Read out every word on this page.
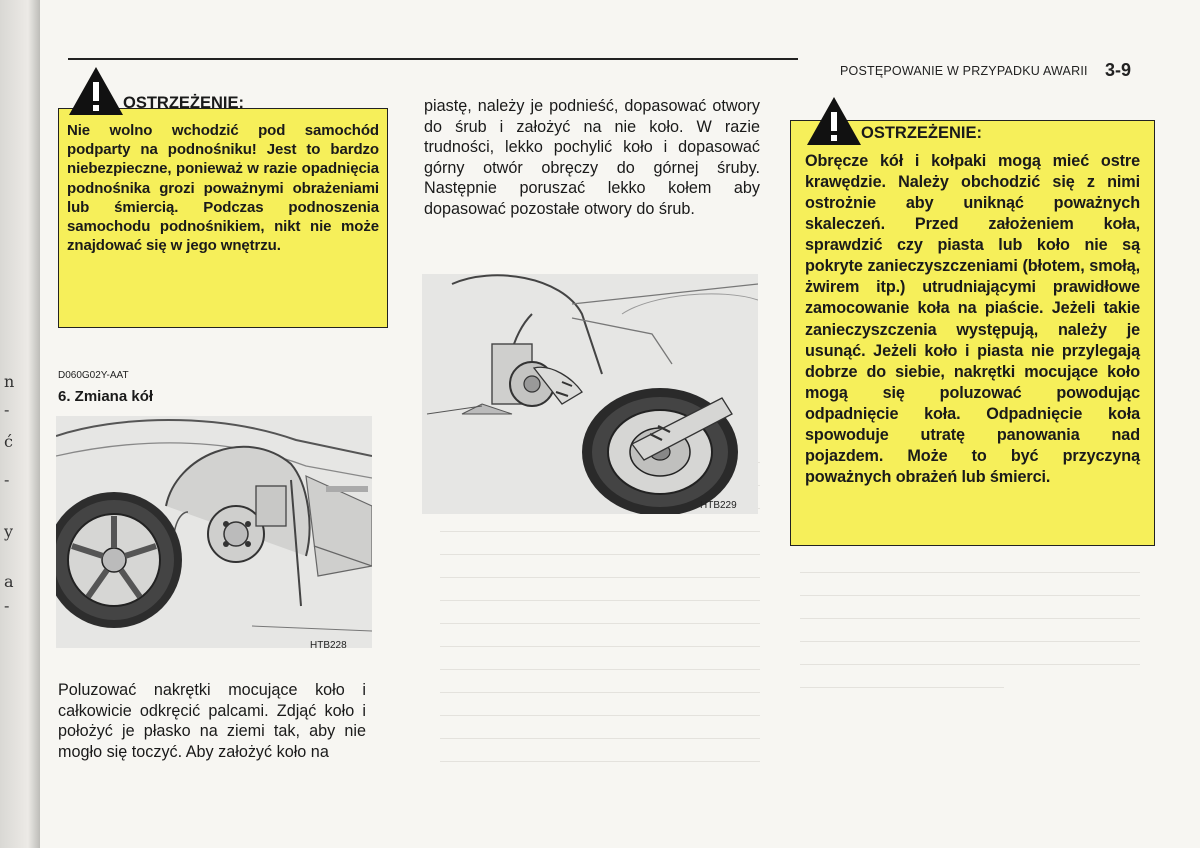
n
-
ć
-
y
a
-
POSTĘPOWANIE W PRZYPADKU AWARII 3-9
OSTRZEŻENIE:
Nie wolno wchodzić pod samochód podparty na podnośniku! Jest to bardzo niebezpieczne, ponieważ w razie opadnięcia podnośnika grozi poważnymi obrażeniami lub śmiercią. Podczas podnoszenia samochodu podnośnikiem, nikt nie może znajdować się w jego wnętrzu.
D060G02Y-AAT
6. Zmiana kół
HTB228
Poluzować nakrętki mocujące koło i całkowicie odkręcić palcami. Zdjąć koło i położyć je płasko na ziemi tak, aby nie mogło się toczyć. Aby założyć koło na
piastę, należy je podnieść, dopasować otwory do śrub i założyć na nie koło. W razie trudności, lekko pochylić koło i dopasować górny otwór obręczy do górnej śruby. Następnie poruszać lekko kołem aby dopasować pozostałe otwory do śrub.
HTB229
OSTRZEŻENIE:
Obręcze kół i kołpaki mogą mieć ostre krawędzie. Należy obchodzić się z nimi ostrożnie aby uniknąć poważnych skaleczeń. Przed założeniem koła, sprawdzić czy piasta lub koło nie są pokryte zanieczyszczeniami (błotem, smołą, żwirem itp.) utrudniającymi prawidłowe zamocowanie koła na piaście. Jeżeli takie zanieczyszczenia występują, należy je usunąć. Jeżeli koło i piasta nie przylegają dobrze do siebie, nakrętki mocujące koło mogą się poluzować powodując odpadnięcie koła. Odpadnięcie koła spowoduje utratę panowania nad pojazdem. Może to być przyczyną poważnych obrażeń lub śmierci.
